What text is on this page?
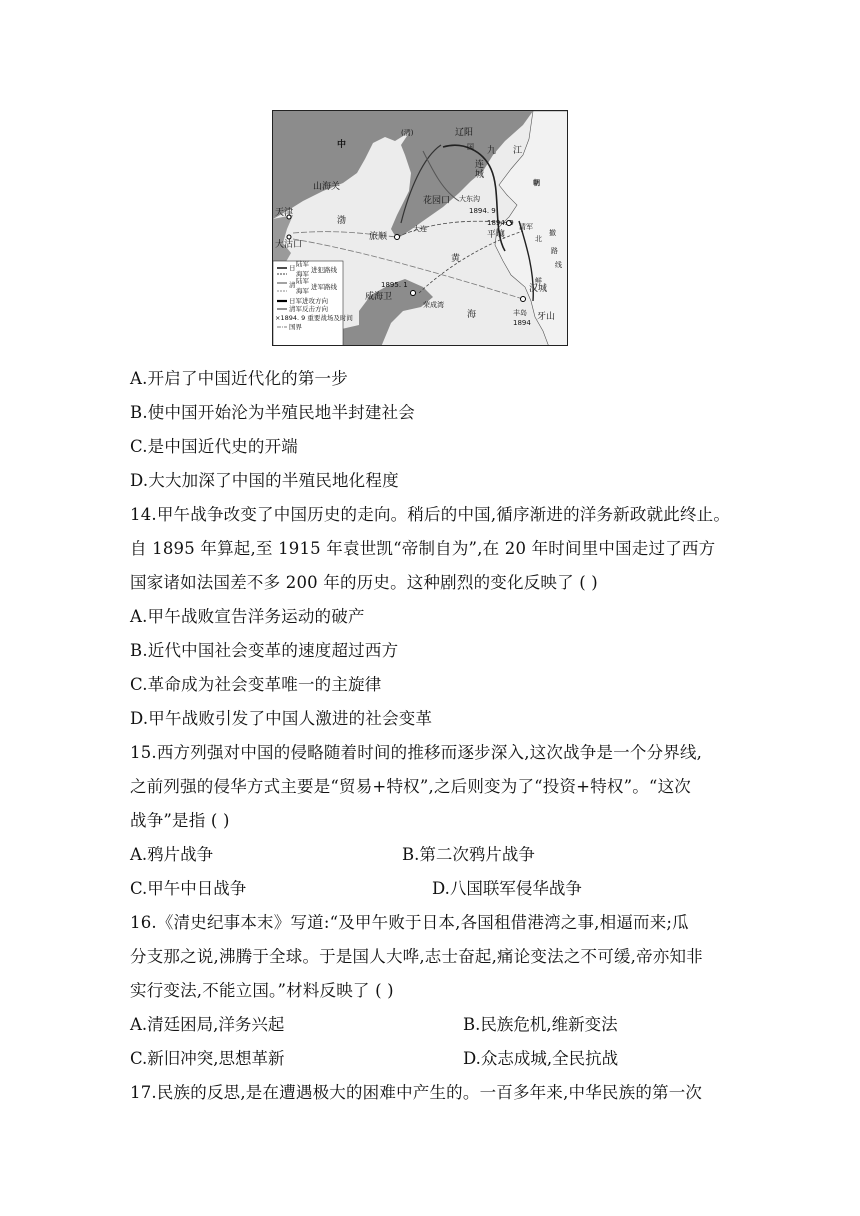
中
(清)	辽阳
国 九
连
江
城
朝
山海关
天津
大沽口
渤
花园口
旅顺
大连
大东沟
1894. 9
1894. 9
平壤
清军
北
撤
路
线
鲜
汉城
牙山
丰岛
1894
黄
海
威海卫
1895. 1
荣成湾
日 陆军
海军 进犯路线
清 陆军
海军 进军路线
日军进攻方向
清军反击方向
×1894. 9 重要战场及时间
国界
A.开启了中国近代化的第一步
B.使中国开始沦为半殖民地半封建社会
C.是中国近代史的开端
D.大大加深了中国的半殖民地化程度
14.甲午战争改变了中国历史的走向。稍后的中国,循序渐进的洋务新政就此终止。
自 1895 年算起,至 1915 年袁世凯“帝制自为”,在 20 年时间里中国走过了西方
国家诸如法国差不多 200 年的历史。这种剧烈的变化反映了 ( )
A.甲午战败宣告洋务运动的破产
B.近代中国社会变革的速度超过西方
C.革命成为社会变革唯一的主旋律
D.甲午战败引发了中国人激进的社会变革
15.西方列强对中国的侵略随着时间的推移而逐步深入,这次战争是一个分界线,
之前列强的侵华方式主要是“贸易+特权”,之后则变为了“投资+特权”。“这次
战争”是指 ( )
A.鸦片战争	B.第二次鸦片战争
C.甲午中日战争	D.八国联军侵华战争
16.《清史纪事本末》写道:“及甲午败于日本,各国租借港湾之事,相逼而来;瓜
分支那之说,沸腾于全球。于是国人大哗,志士奋起,痛论变法之不可缓,帝亦知非
实行变法,不能立国。”材料反映了 ( )
A.清廷困局,洋务兴起	B.民族危机,维新变法
C.新旧冲突,思想革新	D.众志成城,全民抗战
17.民族的反思,是在遭遇极大的困难中产生的。一百多年来,中华民族的第一次
